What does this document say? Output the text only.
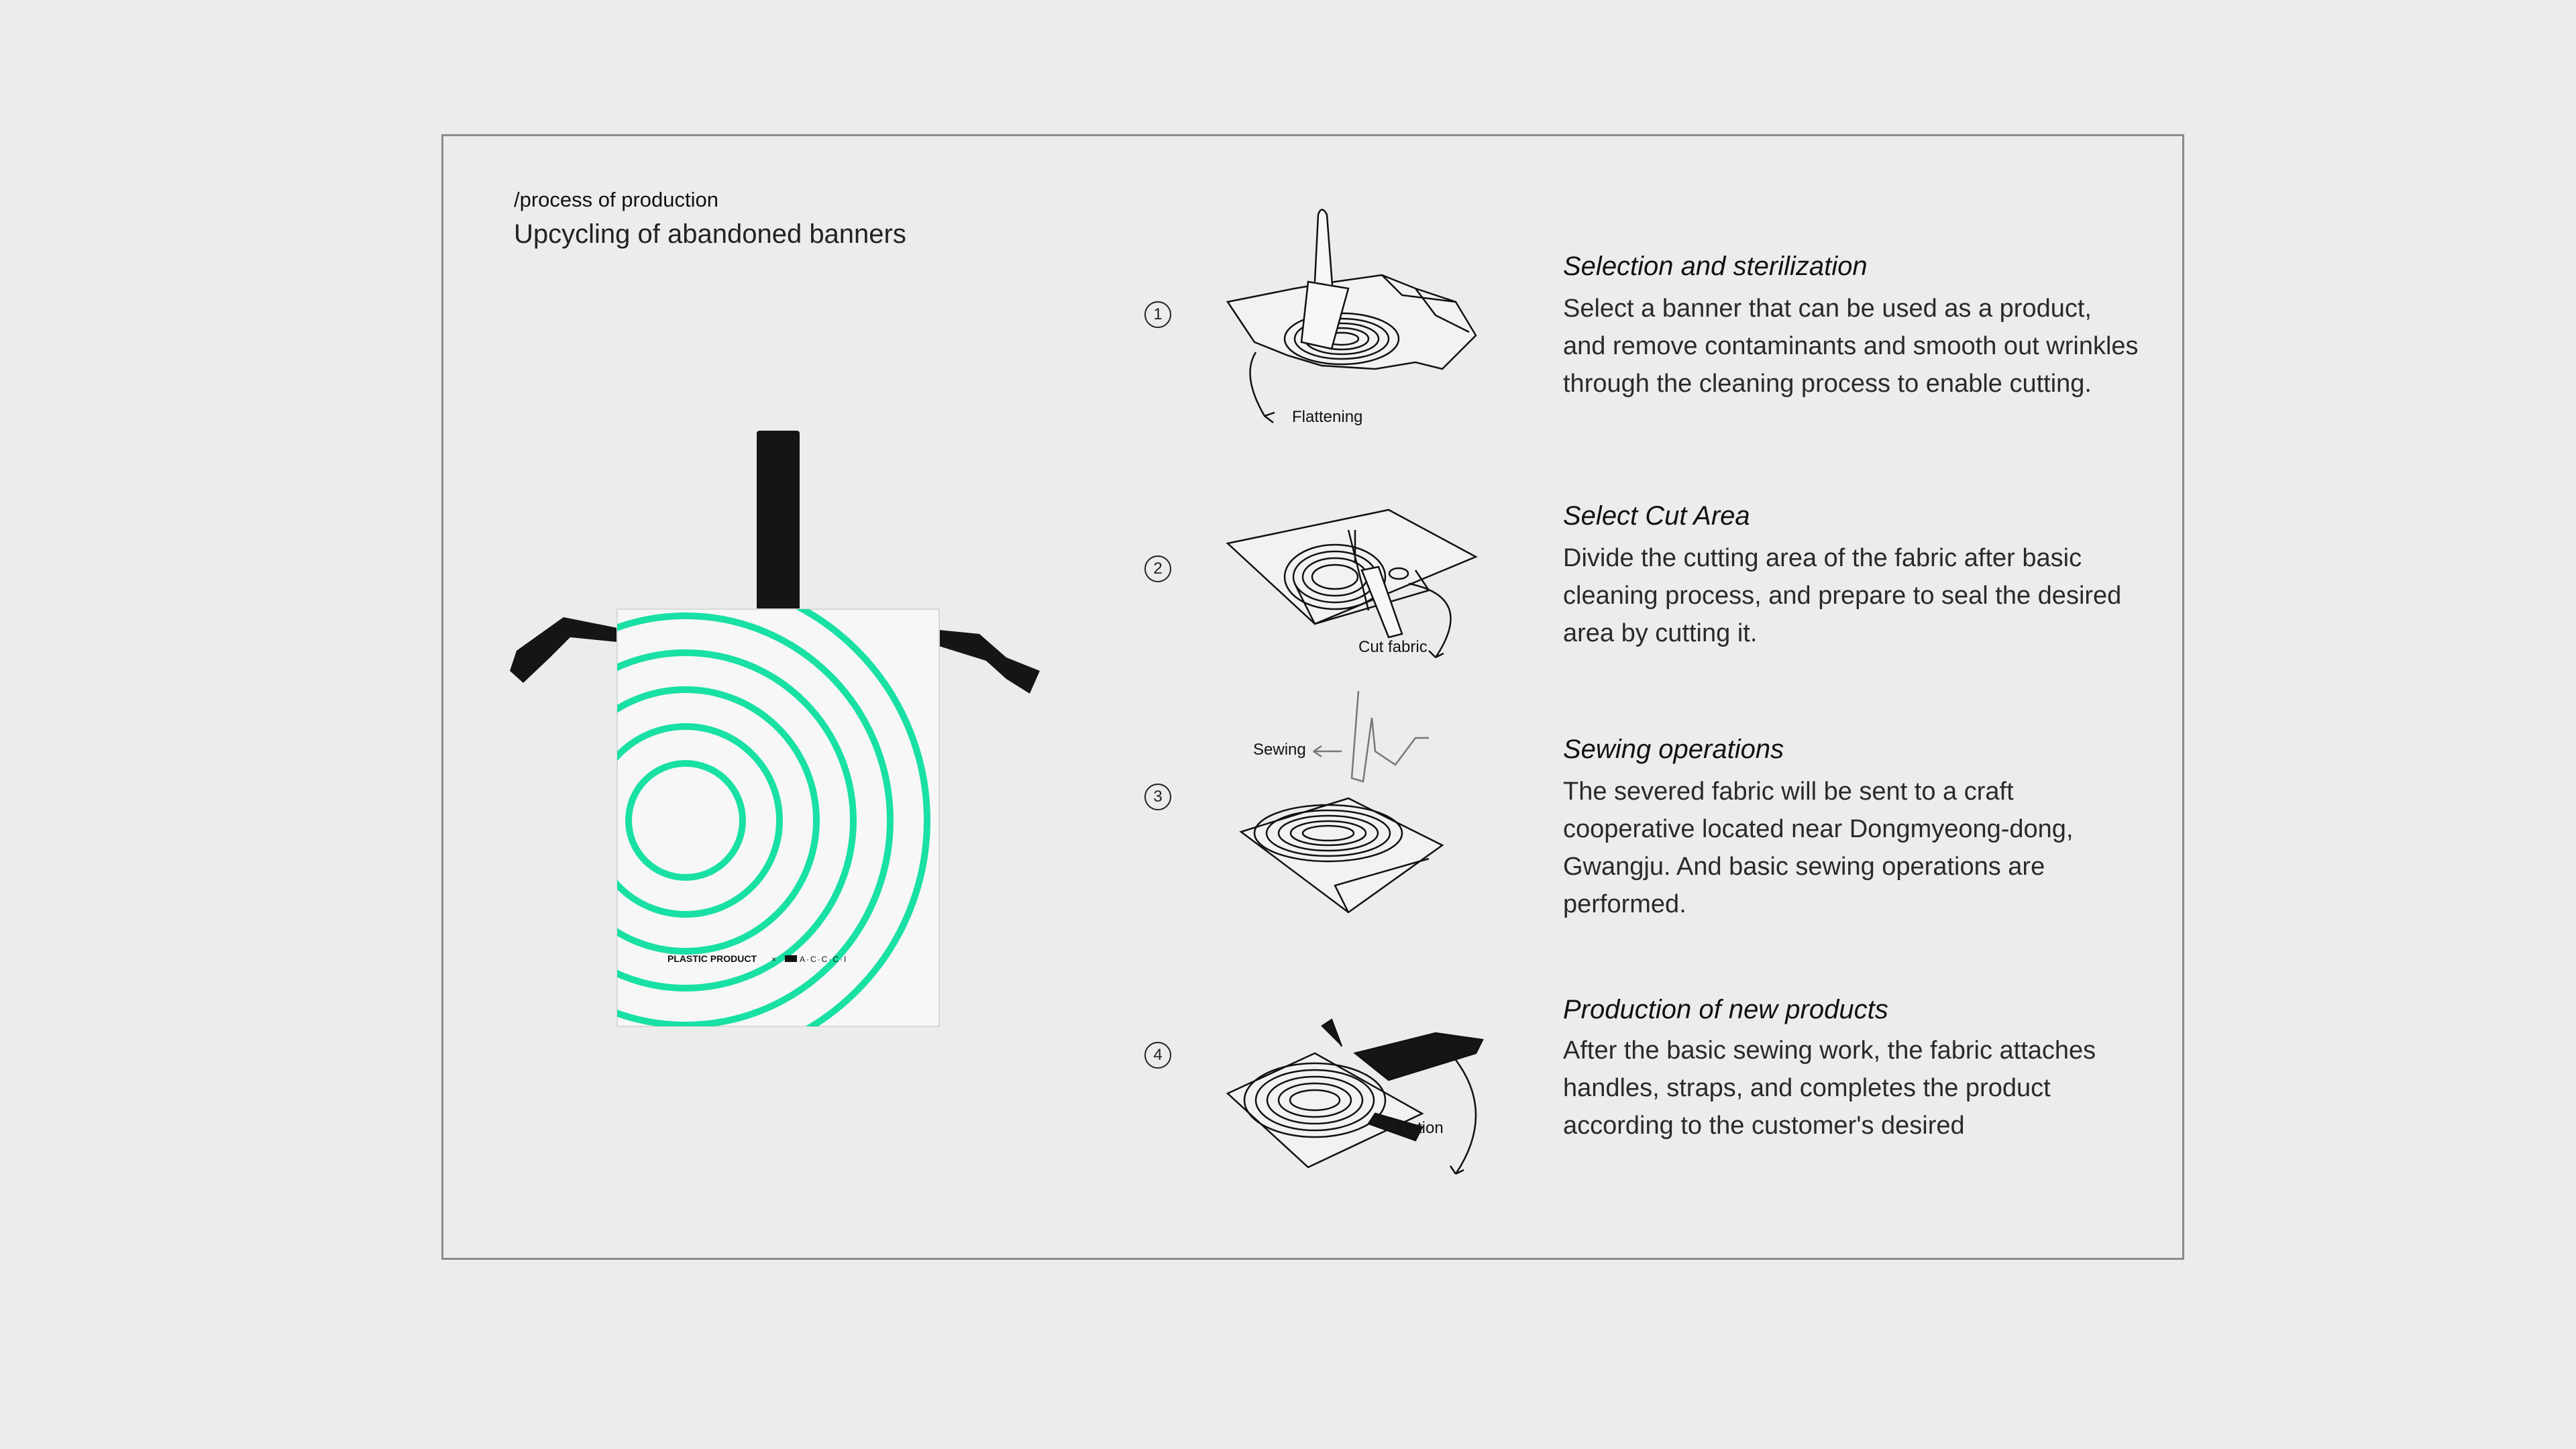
/process of production
Upcycling of abandoned banners
PLASTIC PRODUCT ×	A·C·C·C·I
1
Flattening
Selection and sterilization
Select a banner that can be used as a product, and remove contaminants and smooth out wrinkles through the cleaning process to enable cutting.
2
Cut fabric
Select Cut Area
Divide the cutting area of the fabric after basic cleaning process, and prepare to seal the desired area by cutting it.
3
Sewing	Sewing operations
The severed fabric will be sent to a craft cooperative located near Dongmyeong-dong, Gwangju. And basic sewing operations are performed.
4
Option
Production of new products
After the basic sewing work, the fabric attaches handles, straps, and completes the product according to the customer's desired
